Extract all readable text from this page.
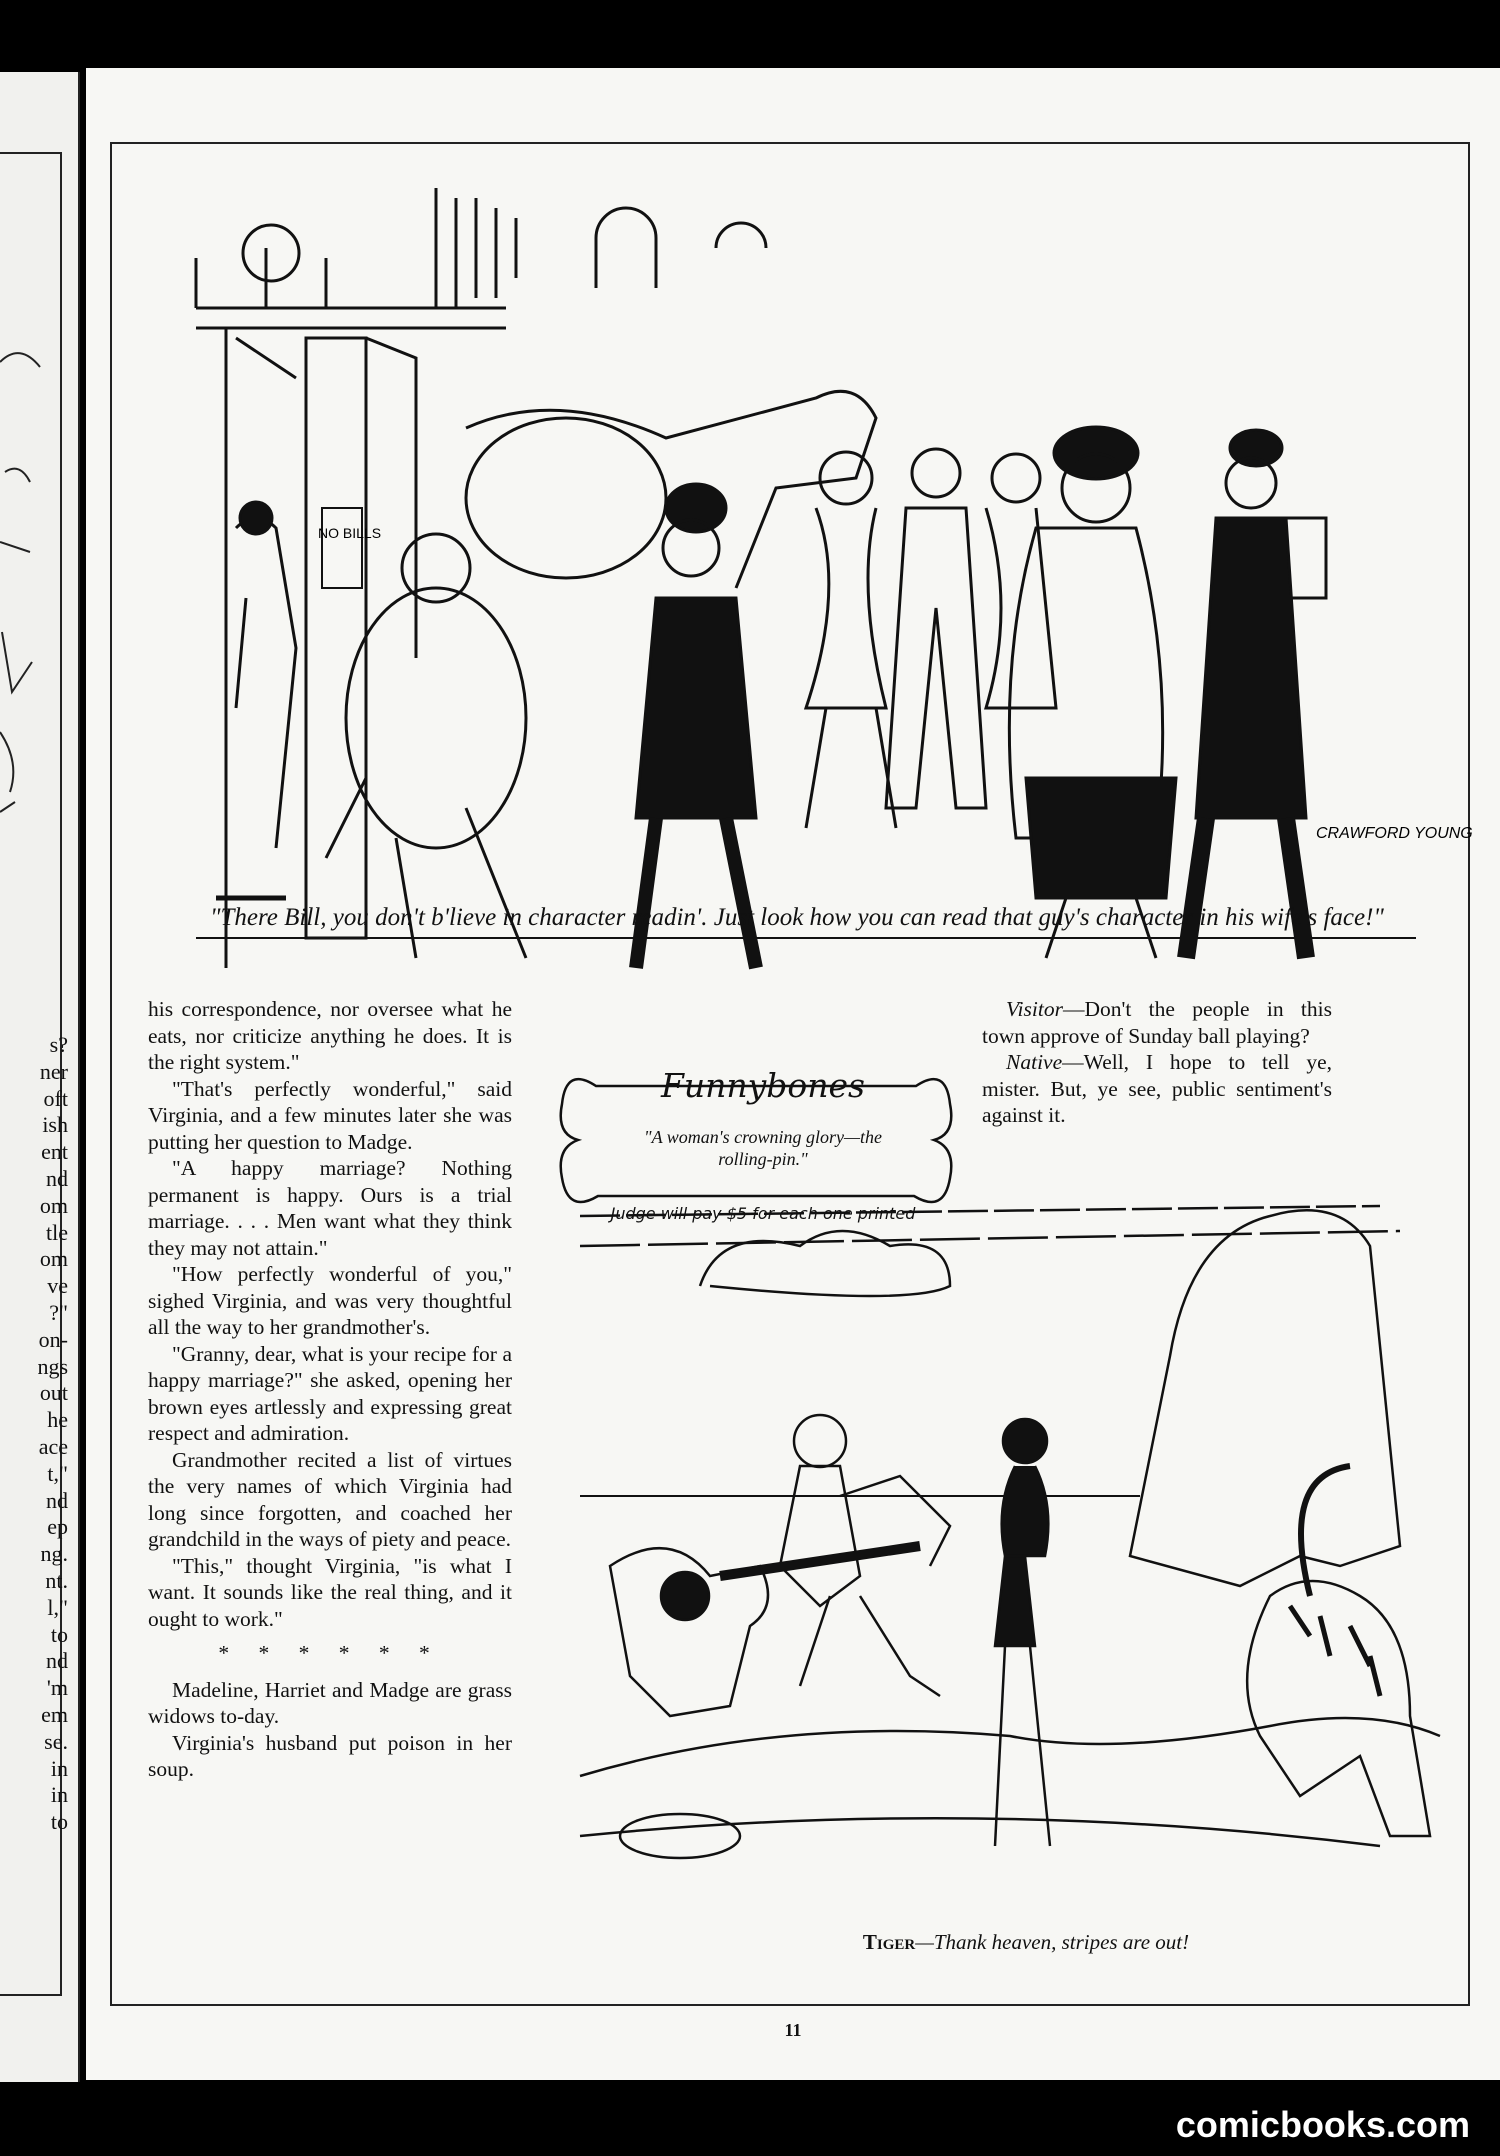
s?
ner
oft
ish
ent
nd
om
tle
om
ve
?"
on-
ngs
out
he
ace
t,"
nd
ep
ng.
nt.
l,"
to
nd
'm
em
se.
in
in
to
NO BILLS
CRAWFORD YOUNG
"There Bill, you don't b'lieve in character readin'. Just look how you can read that guy's character in his wife's face!"

his correspondence, nor oversee what he eats, nor criticize anything he does. It is the right system."

"That's perfectly wonderful," said Virginia, and a few minutes later she was putting her question to Madge.

"A happy marriage? Nothing permanent is happy. Ours is a trial marriage. . . . Men want what they think they may not attain."

"How perfectly wonderful of you," sighed Virginia, and was very thoughtful all the way to her grandmother's.

"Granny, dear, what is your recipe for a happy marriage?" she asked, opening her brown eyes artlessly and expressing great respect and admiration.

Grandmother recited a list of virtues the very names of which Virginia had long since forgotten, and coached her grandchild in the ways of piety and peace.

"This," thought Virginia, "is what I want. It sounds like the real thing, and it ought to work."

* * * * * *

Madeline, Harriet and Madge are grass widows to-day.

Virginia's husband put poison in her soup.

Funnybones
"A woman's crowning glory—the rolling-pin."
Judge will pay $5 for each one printed

Visitor—Don't the people in this town approve of Sunday ball playing?

Native—Well, I hope to tell ye, mister. But, ye see, public sentiment's against it.

Tiger—Thank heaven, stripes are out!
11
comicbooks.com
